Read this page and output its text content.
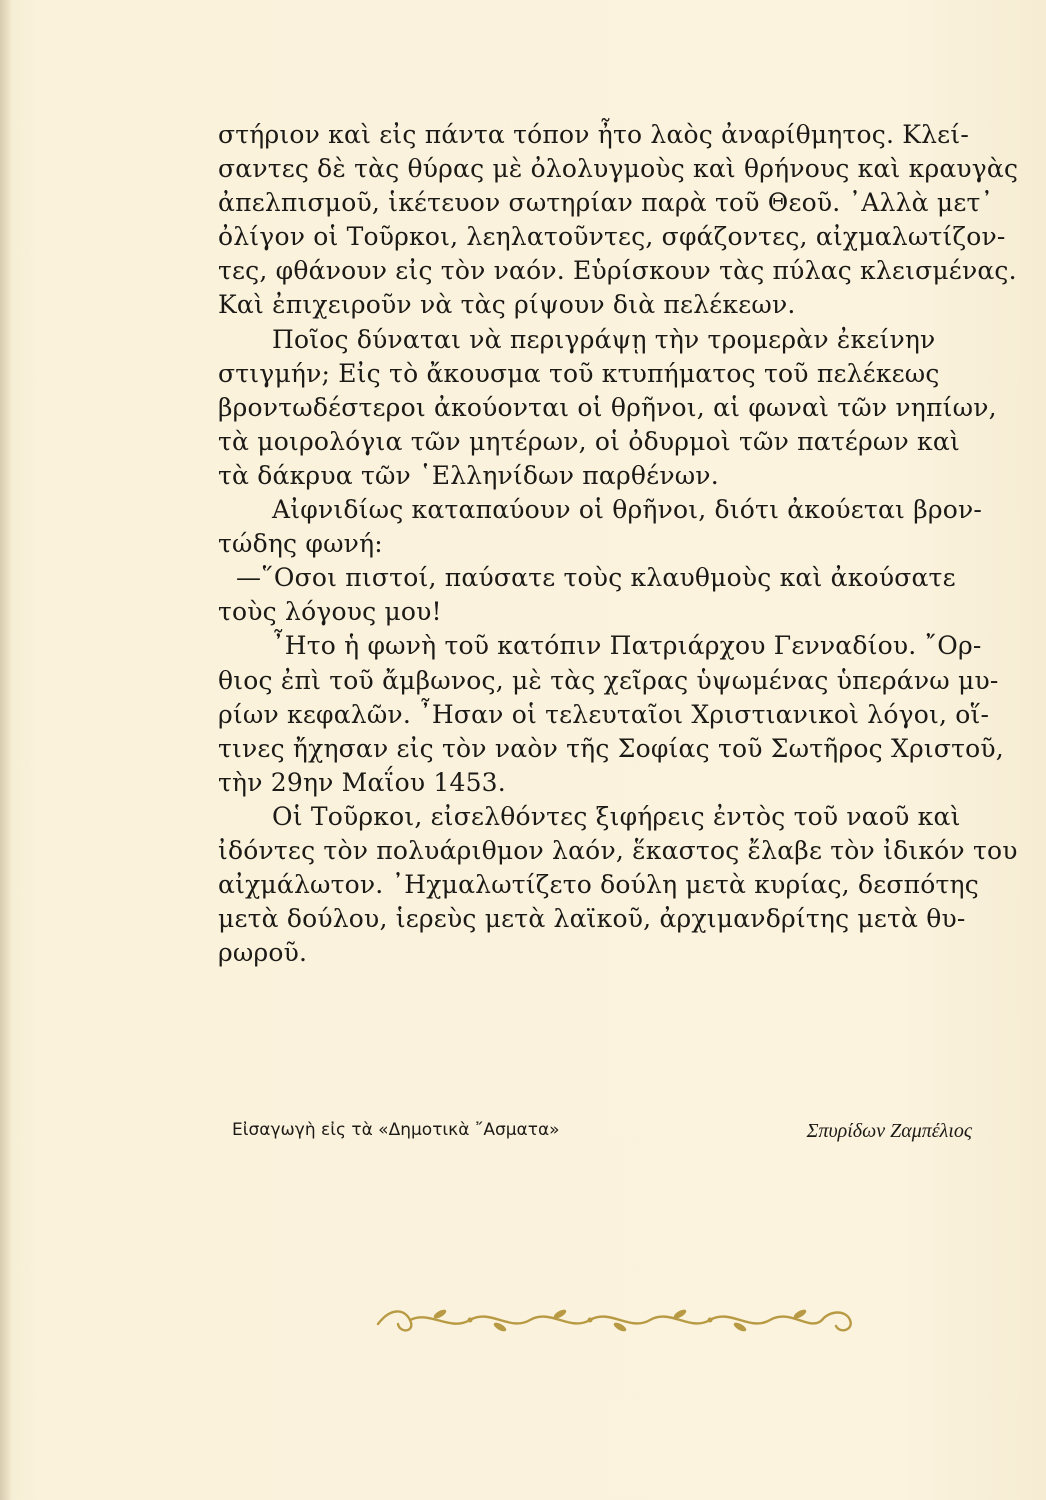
στήριον καὶ εἰς πάντα τόπον ἦτο λαὸς ἀναρίθμητος. Κλεί-
σαντες δὲ τὰς θύρας μὲ ὀλολυγμοὺς καὶ θρήνους καὶ κραυγὰς
ἀπελπισμοῦ, ἱκέτευον σωτηρίαν παρὰ τοῦ Θεοῦ. ᾿Αλλὰ μετ᾿
ὀλίγον οἱ Τοῦρκοι, λεηλατοῦντες, σφάζοντες, αἰχμαλωτίζον-
τες, φθάνουν εἰς τὸν ναόν. Εὑρίσκουν τὰς πύλας κλεισμένας.
Καὶ ἐπιχειροῦν νὰ τὰς ρίψουν διὰ πελέκεων.
Ποῖος δύναται νὰ περιγράψῃ τὴν τρομερὰν ἐκείνην
στιγμήν; Εἰς τὸ ἄκουσμα τοῦ κτυπήματος τοῦ πελέκεως
βροντωδέστεροι ἀκούονται οἱ θρῆνοι, αἱ φωναὶ τῶν νηπίων,
τὰ μοιρολόγια τῶν μητέρων, οἱ ὀδυρμοὶ τῶν πατέρων καὶ
τὰ δάκρυα τῶν ῾Ελληνίδων παρθένων.
Αἰφνιδίως καταπαύουν οἱ θρῆνοι, διότι ἀκούεται βρον-
τώδης φωνή:
—῞Οσοι πιστοί, παύσατε τοὺς κλαυθμοὺς καὶ ἀκούσατε
τοὺς λόγους μου!
῏Ητο ἡ φωνὴ τοῦ κατόπιν Πατριάρχου Γενναδίου. ῎Ορ-
θιος ἐπὶ τοῦ ἄμβωνος, μὲ τὰς χεῖρας ὑψωμένας ὑπεράνω μυ-
ρίων κεφαλῶν. ῏Ησαν οἱ τελευταῖοι Χριστιανικοὶ λόγοι, οἵ-
τινες ἤχησαν εἰς τὸν ναὸν τῆς Σοφίας τοῦ Σωτῆρος Χριστοῦ,
τὴν 29ην Μαΐου 1453.
Οἱ Τοῦρκοι, εἰσελθόντες ξιφήρεις ἐντὸς τοῦ ναοῦ καὶ
ἰδόντες τὸν πολυάριθμον λαόν, ἕκαστος ἔλαβε τὸν ἰδικόν του
αἰχμάλωτον. ᾿Ηχμαλωτίζετο δούλη μετὰ κυρίας, δεσπότης
μετὰ δούλου, ἱερεὺς μετὰ λαϊκοῦ, ἀρχιμανδρίτης μετὰ θυ-
ρωροῦ.
Εἰσαγωγὴ εἰς τὰ «Δημοτικὰ ῎Ασματα»	Σπυρίδων Ζαμπέλιος
